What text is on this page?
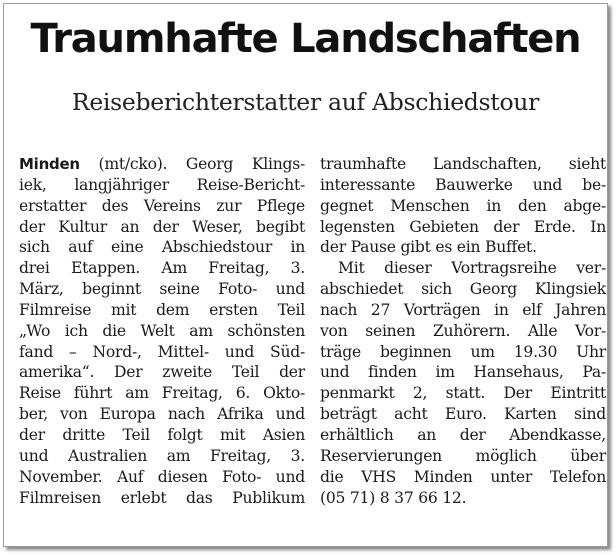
Traumhafte Landschaften
Reiseberichterstatter auf Abschiedstour
Minden (mt/cko). Georg Klings-
iek, langjähriger Reise-Bericht-
erstatter des Vereins zur Pflege
der Kultur an der Weser, begibt
sich auf eine Abschiedstour in
drei Etappen. Am Freitag, 3.
März, beginnt seine Foto- und
Filmreise mit dem ersten Teil
„Wo ich die Welt am schönsten
fand – Nord-, Mittel- und Süd-
amerika“. Der zweite Teil der
Reise führt am Freitag, 6. Okto-
ber, von Europa nach Afrika und
der dritte Teil folgt mit Asien
und Australien am Freitag, 3.
November. Auf diesen Foto- und
Filmreisen erlebt das Publikum
traumhafte Landschaften, sieht
interessante Bauwerke und be-
gegnet Menschen in den abge-
legensten Gebieten der Erde. In
der Pause gibt es ein Buffet.
Mit dieser Vortragsreihe ver-
abschiedet sich Georg Klingsiek
nach 27 Vorträgen in elf Jahren
von seinen Zuhörern. Alle Vor-
träge beginnen um 19.30 Uhr
und finden im Hansehaus, Pa-
penmarkt 2, statt. Der Eintritt
beträgt acht Euro. Karten sind
erhältlich an der Abendkasse,
Reservierungen möglich über
die VHS Minden unter Telefon
(05 71) 8 37 66 12.
